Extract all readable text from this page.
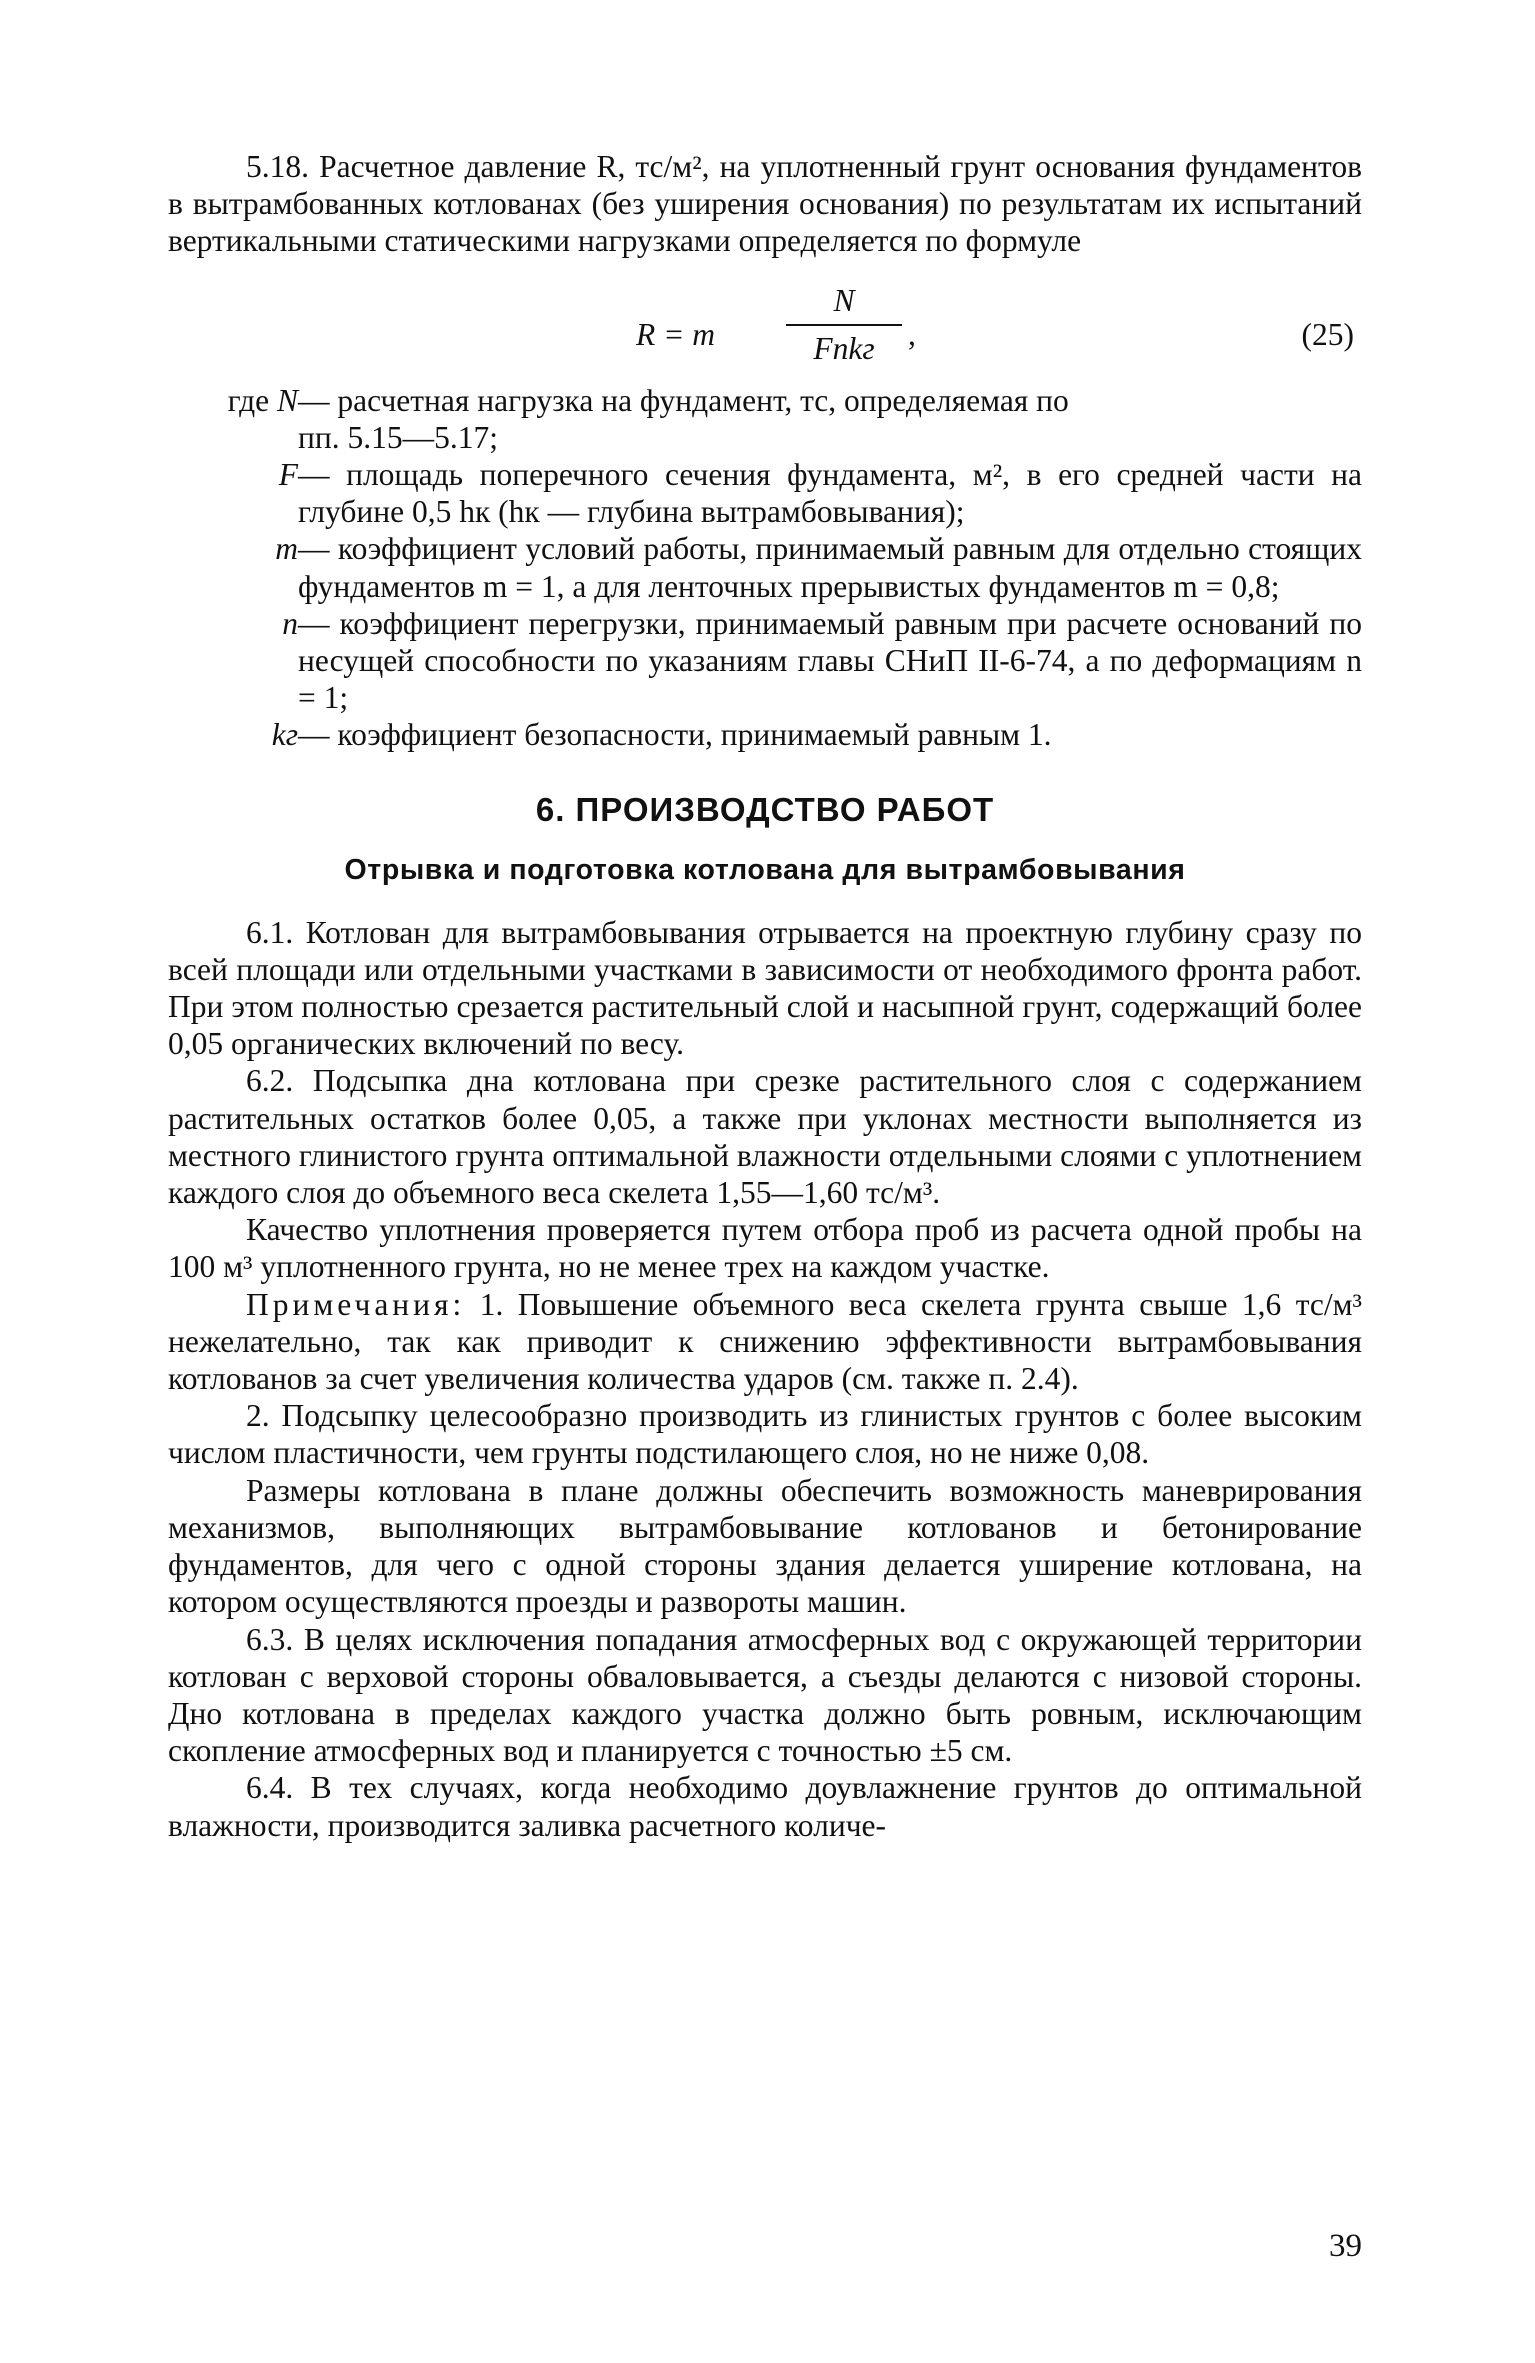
5.18. Расчетное давление R, тс/м², на уплотненный грунт основания фундаментов в вытрамбованных котлованах (без уширения основания) по результатам их испытаний вертикальными статическими нагрузками определяется по формуле

R = m
N
Fnkг	,	(25)
где N — расчетная нагрузка на фундамент, тс, определяемая по
пп. 5.15—5.17;
F — площадь поперечного сечения фундамента, м², в его средней части на глубине 0,5 hк (hк — глубина вытрамбовывания);
m — коэффициент условий работы, принимаемый равным для отдельно стоящих фундаментов m = 1, а для ленточных прерывистых фундаментов m = 0,8;
n — коэффициент перегрузки, принимаемый равным при расчете оснований по несущей способности по указаниям главы СНиП II-6-74, а по деформациям n = 1;
kг — коэффициент безопасности, принимаемый равным 1.
6. ПРОИЗВОДСТВО РАБОТ
Отрывка и подготовка котлована для вытрамбовывания

6.1. Котлован для вытрамбовывания отрывается на проектную глубину сразу по всей площади или отдельными участками в зависимости от необходимого фронта работ. При этом полностью срезается растительный слой и насыпной грунт, содержащий более 0,05 органических включений по весу.

6.2. Подсыпка дна котлована при срезке растительного слоя с содержанием растительных остатков более 0,05, а также при уклонах местности выполняется из местного глинистого грунта оптимальной влажности отдельными слоями с уплотнением каждого слоя до объемного веса скелета 1,55—1,60 тс/м³.

Качество уплотнения проверяется путем отбора проб из расчета одной пробы на 100 м³ уплотненного грунта, но не менее трех на каждом участке.

Примечания: 1. Повышение объемного веса скелета грунта свыше 1,6 тс/м³ нежелательно, так как приводит к снижению эффективности вытрамбовывания котлованов за счет увеличения количества ударов (см. также п. 2.4).

2. Подсыпку целесообразно производить из глинистых грунтов с более высоким числом пластичности, чем грунты подстилающего слоя, но не ниже 0,08.

Размеры котлована в плане должны обеспечить возможность маневрирования механизмов, выполняющих вытрамбовывание котлованов и бетонирование фундаментов, для чего с одной стороны здания делается уширение котлована, на котором осуществляются проезды и развороты машин.

6.3. В целях исключения попадания атмосферных вод с окружающей территории котлован с верховой стороны обваловывается, а съезды делаются с низовой стороны. Дно котлована в пределах каждого участка должно быть ровным, исключающим скопление атмосферных вод и планируется с точностью ±5 см.

6.4. В тех случаях, когда необходимо доувлажнение грунтов до оптимальной влажности, производится заливка расчетного количе-

39
